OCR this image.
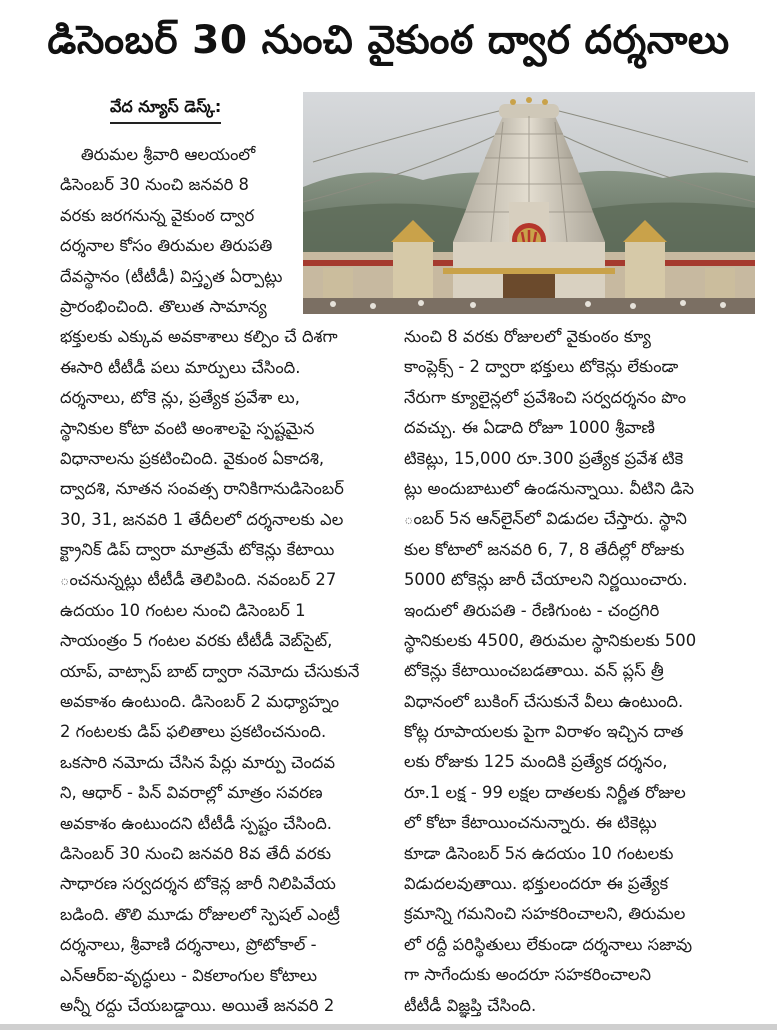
డిసెంబర్ 30 నుంచి వైకుంఠ ద్వార దర్శనాలు
వేద న్యూస్ డెస్క్:
తిరుమల శ్రీవారి ఆలయంలో
డిసెంబర్ 30 నుంచి జనవరి 8
వరకు జరగనున్న వైకుంఠ ద్వార
దర్శనాల కోసం తిరుమల తిరుపతి
దేవస్థానం (టీటీడీ) విస్తృత ఏర్పాట్లు
ప్రారంభించింది. తొలుత సామాన్య
భక్తులకు ఎక్కువ అవకాశాలు కల్పిం చే దిశగా
ఈసారి టీటీడీ పలు మార్పులు చేసింది.
దర్శనాలు, టోకె న్లు, ప్రత్యేక ప్రవేశా లు,
స్థానికుల కోటా వంటి అంశాలపై స్పష్టమైన
విధానాలను ప్రకటించింది. వైకుంఠ ఏకాదశి,
ద్వాదశి, నూతన సంవత్స రానికిగానుడిసెంబర్
30, 31, జనవరి 1 తేదీలలో దర్శనాలకు ఎల
క్ట్రానిక్ డిప్ ద్వారా మాత్రమే టోకెన్లు కేటాయి
ంచనున్నట్లు టీటీడీ తెలిపింది. నవంబర్ 27
ఉదయం 10 గంటల నుంచి డిసెంబర్ 1
సాయంత్రం 5 గంటల వరకు టీటీడీ వెబ్‌సైట్,
యాప్, వాట్సాప్ బాట్ ద్వారా నమోదు చేసుకునే
అవకాశం ఉంటుంది. డిసెంబర్ 2 మధ్యాహ్నం
2 గంటలకు డిప్ ఫలితాలు ప్రకటించనుంది.
ఒకసారి నమోదు చేసిన పేర్లు మార్పు చెందవ
ని, ఆధార్ - పిన్ వివరాల్లో మాత్రం సవరణ
అవకాశం ఉంటుందని టీటీడీ స్పష్టం చేసింది.
డిసెంబర్ 30 నుంచి జనవరి 8వ తేదీ వరకు
సాధారణ సర్వదర్శన టోకెన్ల జారీ నిలిపివేయ
బడింది. తొలి మూడు రోజులలో స్పెషల్ ఎంట్రీ
దర్శనాలు, శ్రీవాణి దర్శనాలు, ప్రోటోకాల్ -
ఎన్ఆర్ఐ-వృద్ధులు - వికలాంగుల కోటాలు
అన్నీ రద్దు చేయబడ్డాయి. అయితే జనవరి 2
నుంచి 8 వరకు రోజులలో వైకుంఠం క్యూ
కాంప్లెక్స్ - 2 ద్వారా భక్తులు టోకెన్లు లేకుండా
నేరుగా క్యూలైన్లలో ప్రవేశించి సర్వదర్శనం పొం
దవచ్చు. ఈ ఏడాది రోజూ 1000 శ్రీవాణి
టికెట్లు, 15,000 రూ.300 ప్రత్యేక ప్రవేశ టికె
ట్లు అందుబాటులో ఉండనున్నాయి. వీటిని డిసె
ంబర్ 5న ఆన్‌లైన్‌లో విడుదల చేస్తారు. స్థాని
కుల కోటాలో జనవరి 6, 7, 8 తేదీల్లో రోజుకు
5000 టోకెన్లు జారీ చేయాలని నిర్ణయించారు.
ఇందులో తిరుపతి - రేణిగుంట - చంద్రగిరి
స్థానికులకు 4500, తిరుమల స్థానికులకు 500
టోకెన్లు కేటాయించబడతాయి. వన్ ప్లస్ త్రీ
విధానంలో బుకింగ్ చేసుకునే వీలు ఉంటుంది.
కోట్ల రూపాయలకు పైగా విరాళం ఇచ్చిన దాత
లకు రోజుకు 125 మందికి ప్రత్యేక దర్శనం,
రూ.1 లక్ష - 99 లక్షల దాతలకు నిర్ణీత రోజుల
లో కోటా కేటాయించనున్నారు. ఈ టికెట్లు
కూడా డిసెంబర్ 5న ఉదయం 10 గంటలకు
విడుదలవుతాయి. భక్తులందరూ ఈ ప్రత్యేక
క్రమాన్ని గమనించి సహకరించాలని, తిరుమల
లో రద్దీ పరిస్థితులు లేకుండా దర్శనాలు సజావు
గా సాగేందుకు అందరూ సహకరించాలని
టీటీడీ విజ్ఞప్తి చేసింది.
